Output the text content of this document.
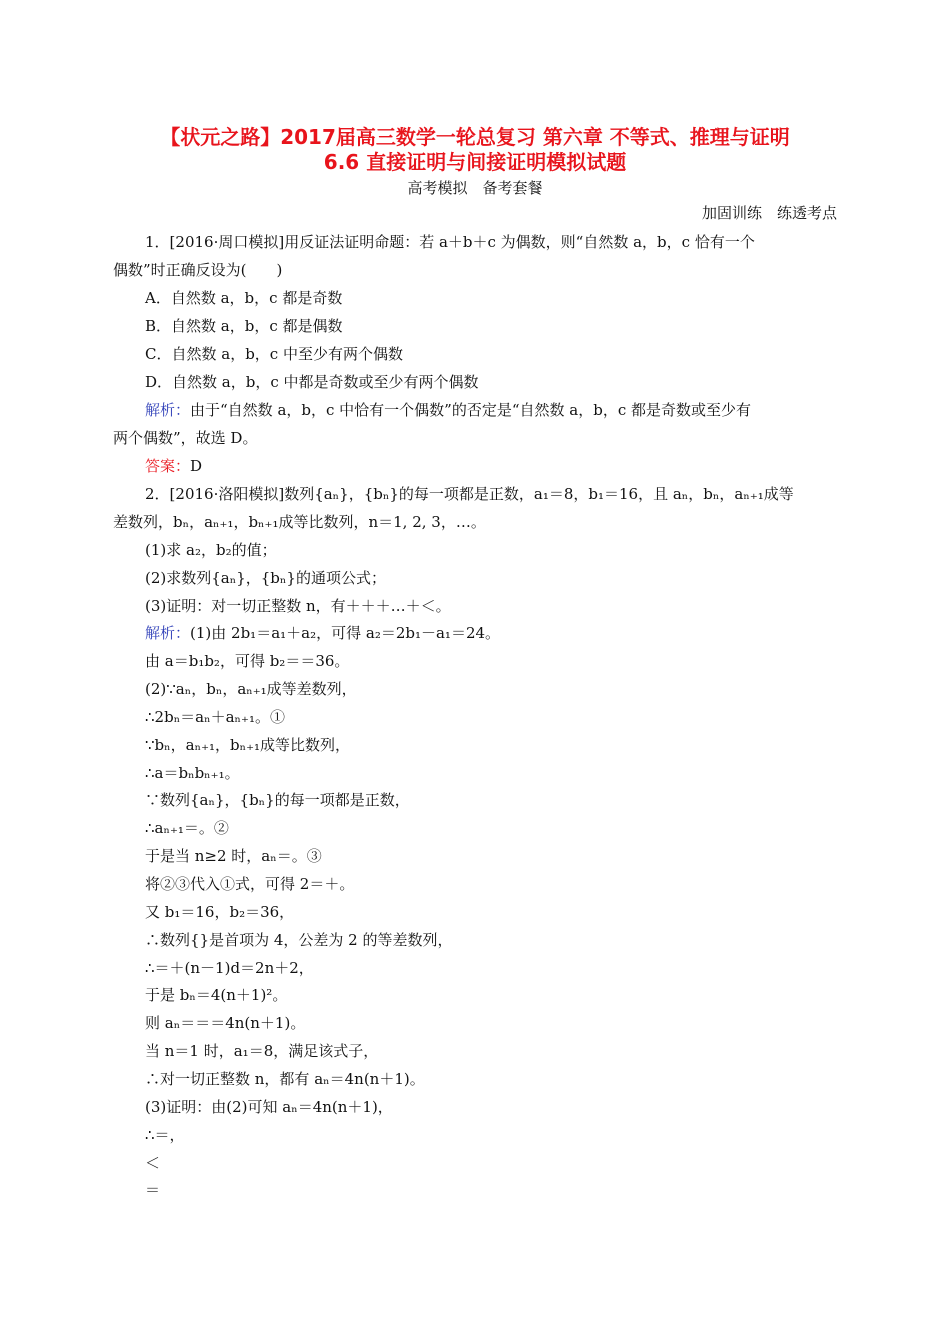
【状元之路】2017届高三数学一轮总复习 第六章 不等式、推理与证明
6.6 直接证明与间接证明模拟试题
高考模拟　备考套餐
加固训练　练透考点
1．[2016·周口模拟]用反证法证明命题：若 a＋b＋c 为偶数，则“自然数 a，b，c 恰有一个
偶数”时正确反设为(　　)
A．自然数 a，b，c 都是奇数
B．自然数 a，b，c 都是偶数
C．自然数 a，b，c 中至少有两个偶数
D．自然数 a，b，c 中都是奇数或至少有两个偶数
解析：由于“自然数 a，b，c 中恰有一个偶数”的否定是“自然数 a，b，c 都是奇数或至少有
两个偶数”，故选 D。
答案：D
2．[2016·洛阳模拟]数列{aₙ}，{bₙ}的每一项都是正数，a₁＝8，b₁＝16，且 aₙ，bₙ，aₙ₊₁成等
差数列，bₙ，aₙ₊₁，bₙ₊₁成等比数列，n＝1, 2, 3，…。
(1)求 a₂，b₂的值；
(2)求数列{aₙ}，{bₙ}的通项公式；
(3)证明：对一切正整数 n，有＋＋＋…＋＜。
解析：(1)由 2b₁＝a₁＋a₂，可得 a₂＝2b₁－a₁＝24。
由 a＝b₁b₂，可得 b₂＝＝36。
(2)∵aₙ，bₙ，aₙ₊₁成等差数列，
∴2bₙ＝aₙ＋aₙ₊₁。①
∵bₙ，aₙ₊₁，bₙ₊₁成等比数列，
∴a＝bₙbₙ₊₁。
∵数列{aₙ}，{bₙ}的每一项都是正数，
∴aₙ₊₁＝。②
于是当 n≥2 时，aₙ＝。③
将②③代入①式，可得 2＝＋。
又 b₁＝16，b₂＝36，
∴数列{}是首项为 4，公差为 2 的等差数列，
∴＝＋(n－1)d＝2n＋2，
于是 bₙ＝4(n＋1)²。
则 aₙ＝＝＝4n(n＋1)。
当 n＝1 时，a₁＝8，满足该式子，
∴对一切正整数 n，都有 aₙ＝4n(n＋1)。
(3)证明：由(2)可知 aₙ＝4n(n＋1)，
∴＝，
＜
＝
